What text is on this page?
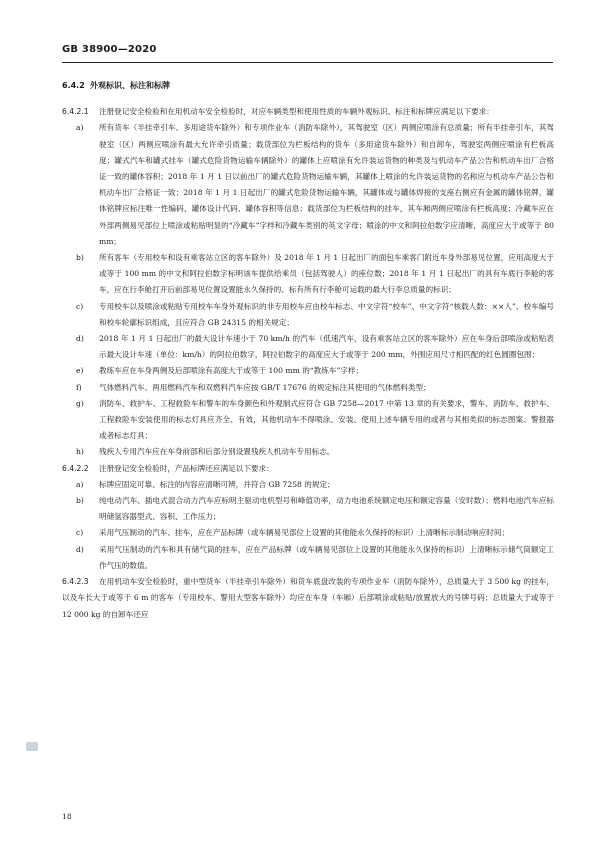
GB 38900—2020
6.4.2 外观标识、标注和标牌
6.4.2.1 注册登记安全检验和在用机动车安全检验时，对应车辆类型和使用性质的车辆外观标识、标注和标牌应满足以下要求：
a) 所有货车（半挂牵引车、多用途货车除外）和专项作业车（消防车除外），其驾驶室（区）两侧应喷涂有总质量；所有半挂牵引车，其驾驶室（区）两侧应喷涂有最大允许牵引质量；载货部位为栏板结构的货车（多用途货车除外）和自卸车，驾驶室两侧应喷涂有栏板高度；罐式汽车和罐式挂车（罐式危险货物运输车辆除外）的罐体上应喷涂有允许装运货物的种类及与机动车产品公告和机动车出厂合格证一致的罐体容积；2018 年 1 月 1 日以前出厂的罐式危险货物运输车辆，其罐体上喷涂的允许装运货物的名称应与机动车产品公告和机动车出厂合格证一致；2018 年 1 月 1 日起出厂的罐式危险货物运输车辆，其罐体或与罐体焊接的支座右侧应有金属的罐体铭牌，罐体铭牌应标注唯一性编码、罐体设计代码、罐体容积等信息；载货部位为栏板结构的挂车，其车厢两侧应喷涂有栏板高度；冷藏车应在外部两侧易见部位上喷涂或粘贴明显的“冷藏车”字样和冷藏车类别的英文字母；喷涂的中文和阿拉伯数字应清晰，高度应大于或等于 80 mm；
b) 所有客车（专用校车和设有乘客站立区的客车除外）及 2018 年 1 月 1 日起出厂的面包车乘客门附近车身外部易见位置，应用高度大于或等于 100 mm 的中文和阿拉伯数字标明该车提供给乘员（包括驾驶人）的座位数；2018 年 1 月 1 日起出厂的具有车底行李舱的客车，应在行李舱打开后前部易见位置设置能永久保持的、标有所有行李舱可运载的最大行李总质量的标识；
c) 专用校车以及喷涂或粘贴专用校车车身外观标识的非专用校车应由校车标志、中文字符“校车”、中文字符“核载人数：××人”、校车编号和校车轮廓标识组成，且应符合 GB 24315 的相关规定；
d) 2018 年 1 月 1 日起出厂的最大设计车速小于 70 km/h 的汽车（低速汽车，设有乘客站立区的客车除外）应在车身后部喷涂或粘贴表示最大设计车速（单位：km/h）的阿拉伯数字，阿拉伯数字的高度应大于或等于 200 mm，外围应用尺寸相匹配的红色圆圈包围；
e) 教练车应在车身两侧及后部喷涂有高度大于或等于 100 mm 的“教练车”字样；
f) 气体燃料汽车、两用燃料汽车和双燃料汽车应按 GB/T 17676 的规定标注其使用的气体燃料类型；
g) 消防车、救护车、工程救险车和警车的车身颜色和外观制式应符合 GB 7258—2017 中第 13 章的有关要求，警车、消防车、救护车、工程救险车安装使用的标志灯具应齐全、有效，其他机动车不得喷涂、安装、使用上述车辆专用的或者与其相类似的标志图案、警报器或者标志灯具；
h) 残疾人专用汽车应在车身前部和后部分别设置残疾人机动车专用标志。
6.4.2.2 注册登记安全检验时，产品标牌还应满足以下要求：
a) 标牌应固定可靠、标注的内容应清晰可辨，并符合 GB 7258 的规定；
b) 纯电动汽车、插电式混合动力汽车应标明主驱动电机型号和峰值功率，动力电池系统额定电压和额定容量（安时数）；燃料电池汽车应标明储氢容器型式、容积、工作压力；
c) 采用气压制动的汽车、挂车，应在产品标牌（或车辆易见部位上设置的其他能永久保持的标识）上清晰标示制动响应时间；
d) 采用气压制动的汽车和具有储气筒的挂车，应在产品标牌（或车辆易见部位上设置的其他能永久保持的标识）上清晰标示储气筒额定工作气压的数值。
6.4.2.3 在用机动车安全检验时，重中型货车（半挂牵引车除外）和货车底盘改装的专项作业车（消防车除外），总质量大于 3 500 kg 的挂车，以及车长大于或等于 6 m 的客车（专用校车、警用大型客车除外）均应在车身（车厢）后部喷涂或粘贴/放置放大的号牌号码；总质量大于或等于 12 000 kg 的自卸车还应
18
